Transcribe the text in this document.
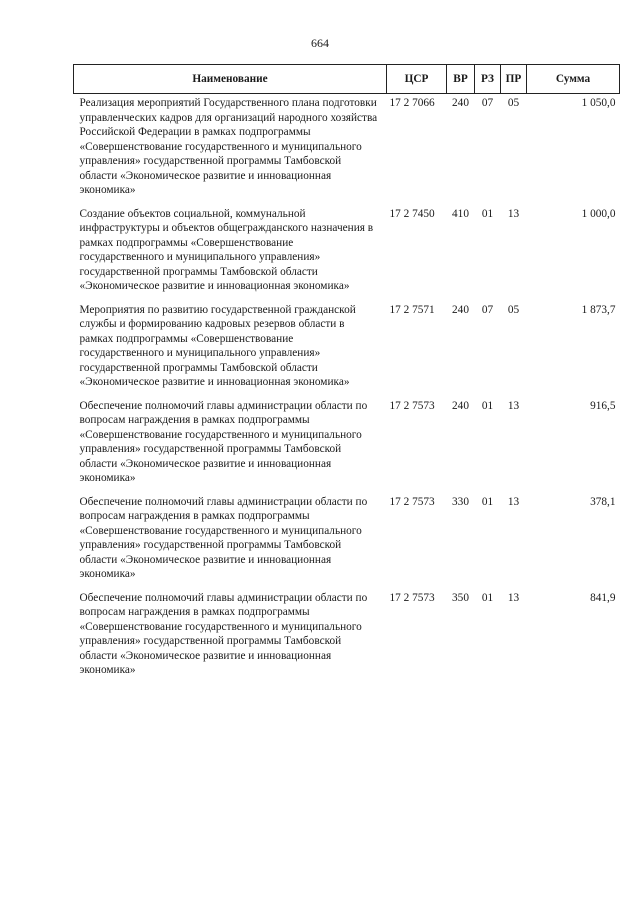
664
Наименование	ЦСР	ВР	РЗ	ПР	Сумма
Реализация мероприятий Государственного плана подготовки управленческих кадров для организаций народного хозяйства Российской Федерации в рамках подпрограммы «Совершенствование государственного и муниципального управления» государственной программы Тамбовской области «Экономическое развитие и инновационная экономика»	17 2 7066	240	07	05	1 050,0
Создание объектов социальной, коммунальной инфраструктуры и объектов общегражданского назначения в рамках подпрограммы «Совершенствование государственного и муниципального управления» государственной программы Тамбовской области «Экономическое развитие и инновационная экономика»	17 2 7450	410	01	13	1 000,0
Мероприятия по развитию государственной гражданской службы и формированию кадровых резервов области в рамках подпрограммы «Совершенствование государственного и муниципального управления» государственной программы Тамбовской области «Экономическое развитие и инновационная экономика»	17 2 7571	240	07	05	1 873,7
Обеспечение полномочий главы администрации области по вопросам награждения в рамках подпрограммы «Совершенствование государственного и муниципального управления» государственной программы Тамбовской области «Экономическое развитие и инновационная экономика»	17 2 7573	240	01	13	916,5
Обеспечение полномочий главы администрации области по вопросам награждения в рамках подпрограммы «Совершенствование государственного и муниципального управления» государственной программы Тамбовской области «Экономическое развитие и инновационная экономика»	17 2 7573	330	01	13	378,1
Обеспечение полномочий главы администрации области по вопросам награждения в рамках подпрограммы «Совершенствование государственного и муниципального управления» государственной программы Тамбовской области «Экономическое развитие и инновационная экономика»	17 2 7573	350	01	13	841,9
